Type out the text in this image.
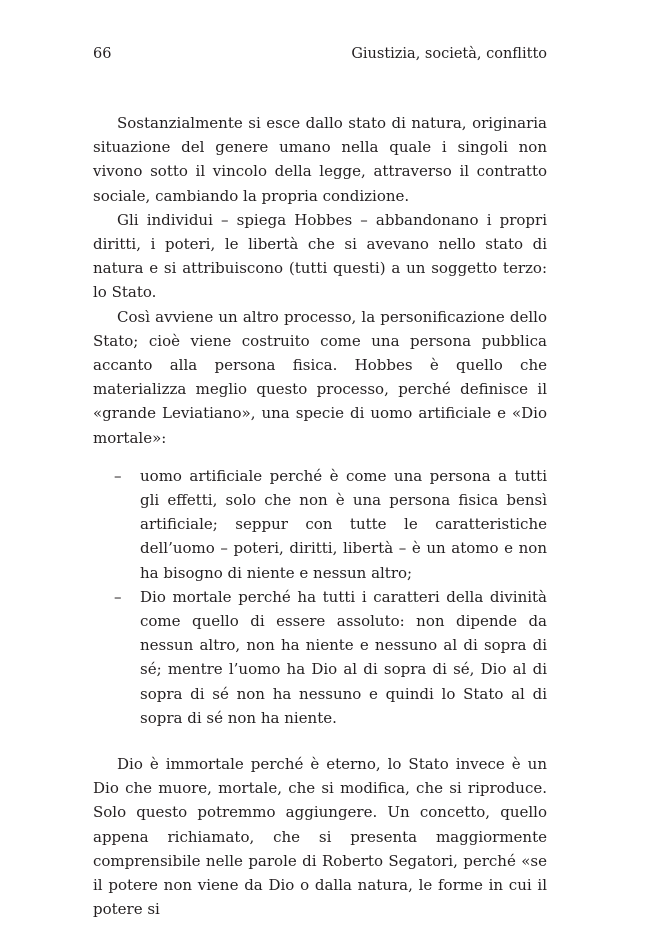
66	Giustizia, società, conflitto

Sostanzialmente si esce dallo stato di natura, originaria situazione del genere umano nella quale i singoli non vivono sotto il vincolo della legge, attraverso il contratto sociale, cambiando la propria condizione.

Gli individui – spiega Hobbes – abbandonano i propri diritti, i poteri, le libertà che si avevano nello stato di natura e si attribuiscono (tutti questi) a un soggetto terzo: lo Stato.

Così avviene un altro processo, la personificazione dello Stato; cioè viene costruito come una persona pubblica accanto alla persona fisica. Hobbes è quello che materializza meglio questo processo, perché definisce il «grande Leviatiano», una specie di uomo artificiale e «Dio mortale»:

– uomo artificiale perché è come una persona a tutti gli effetti, solo che non è una persona fisica bensì artificiale; seppur con tutte le caratteristiche dell’uomo – poteri, diritti, libertà – è un atomo e non ha bisogno di niente e nessun altro;
– Dio mortale perché ha tutti i caratteri della divinità come quello di essere assoluto: non dipende da nessun altro, non ha niente e nessuno al di sopra di sé; mentre l’uomo ha Dio al di sopra di sé, Dio al di sopra di sé non ha nessuno e quindi lo Stato al di sopra di sé non ha niente.

Dio è immortale perché è eterno, lo Stato invece è un Dio che muore, mortale, che si modifica, che si riproduce. Solo questo potremmo aggiungere. Un concetto, quello appena richiamato, che si presenta maggiormente comprensibile nelle parole di Roberto Segatori, perché «se il potere non viene da Dio o dalla natura, le forme in cui il potere si
